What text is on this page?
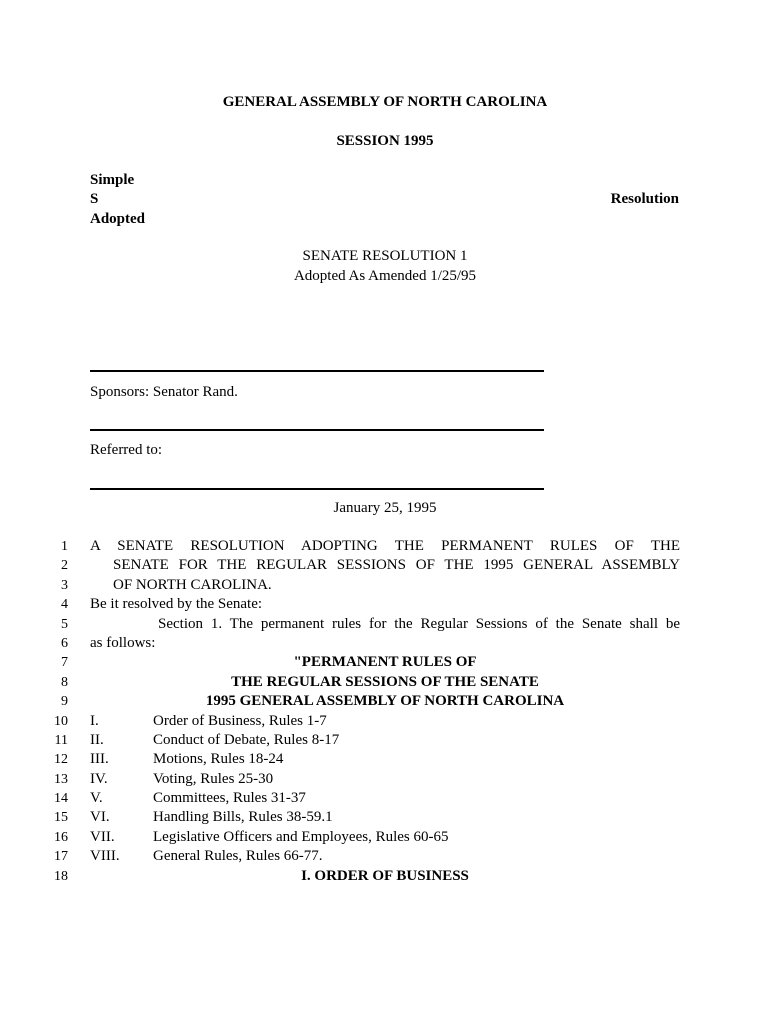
GENERAL ASSEMBLY OF NORTH CAROLINA
SESSION 1995
Simple
S	Resolution
Adopted
SENATE RESOLUTION 1
Adopted As Amended 1/25/95
Sponsors: Senator Rand.
Referred to:
January 25, 1995
1
2
3
4
5
6
7
8
9
10
11
12
13
14
15
16
17
18
A SENATE RESOLUTION ADOPTING THE PERMANENT RULES OF THE
SENATE FOR THE REGULAR SESSIONS OF THE 1995 GENERAL ASSEMBLY
OF NORTH CAROLINA.
Be it resolved by the Senate:
Section 1. The permanent rules for the Regular Sessions of the Senate shall be
as follows:
"PERMANENT RULES OF
THE REGULAR SESSIONS OF THE SENATE
1995 GENERAL ASSEMBLY OF NORTH CAROLINA
I.	Order of Business, Rules 1-7
II.	Conduct of Debate, Rules 8-17
III.	Motions, Rules 18-24
IV.	Voting, Rules 25-30
V.	Committees, Rules 31-37
VI.	Handling Bills, Rules 38-59.1
VII.	Legislative Officers and Employees, Rules 60-65
VIII. General Rules, Rules 66-77.
I. ORDER OF BUSINESS
